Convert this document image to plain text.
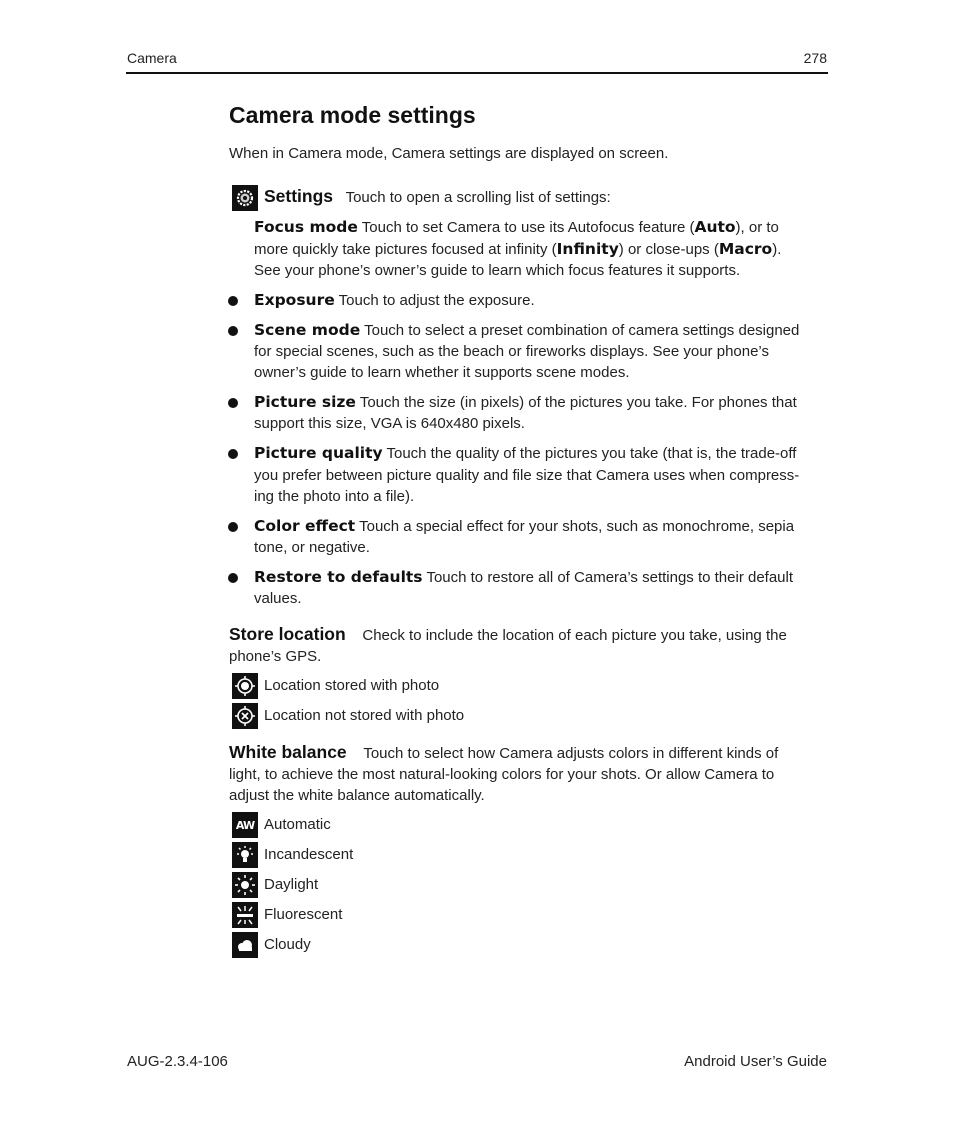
Camera	278
Camera mode settings

When in Camera mode, Camera settings are displayed on screen.

Settings Touch to open a scrolling list of settings:

Focus mode Touch to set Camera to use its Autofocus feature (Auto), or to

more quickly take pictures focused at infinity (Infinity) or close-ups (Macro).

See your phone’s owner’s guide to learn which focus features it supports.

Exposure Touch to adjust the exposure.

Scene mode Touch to select a preset combination of camera settings designed

for special scenes, such as the beach or fireworks displays. See your phone’s

owner’s guide to learn whether it supports scene modes.

Picture size Touch the size (in pixels) of the pictures you take. For phones that

support this size, VGA is 640x480 pixels.

Picture quality Touch the quality of the pictures you take (that is, the trade-off

you prefer between picture quality and file size that Camera uses when compress-

ing the photo into a file).

Color effect Touch a special effect for your shots, such as monochrome, sepia

tone, or negative.

Restore to defaults Touch to restore all of Camera’s settings to their default

values.

Store location Check to include the location of each picture you take, using the

phone’s GPS.

Location stored with photo

Location not stored with photo

White balance Touch to select how Camera adjusts colors in different kinds of

light, to achieve the most natural-looking colors for your shots. Or allow Camera to

adjust the white balance automatically.

AW Automatic

Incandescent

Daylight

Fluorescent

Cloudy

AUG-2.3.4-106	Android User’s Guide
